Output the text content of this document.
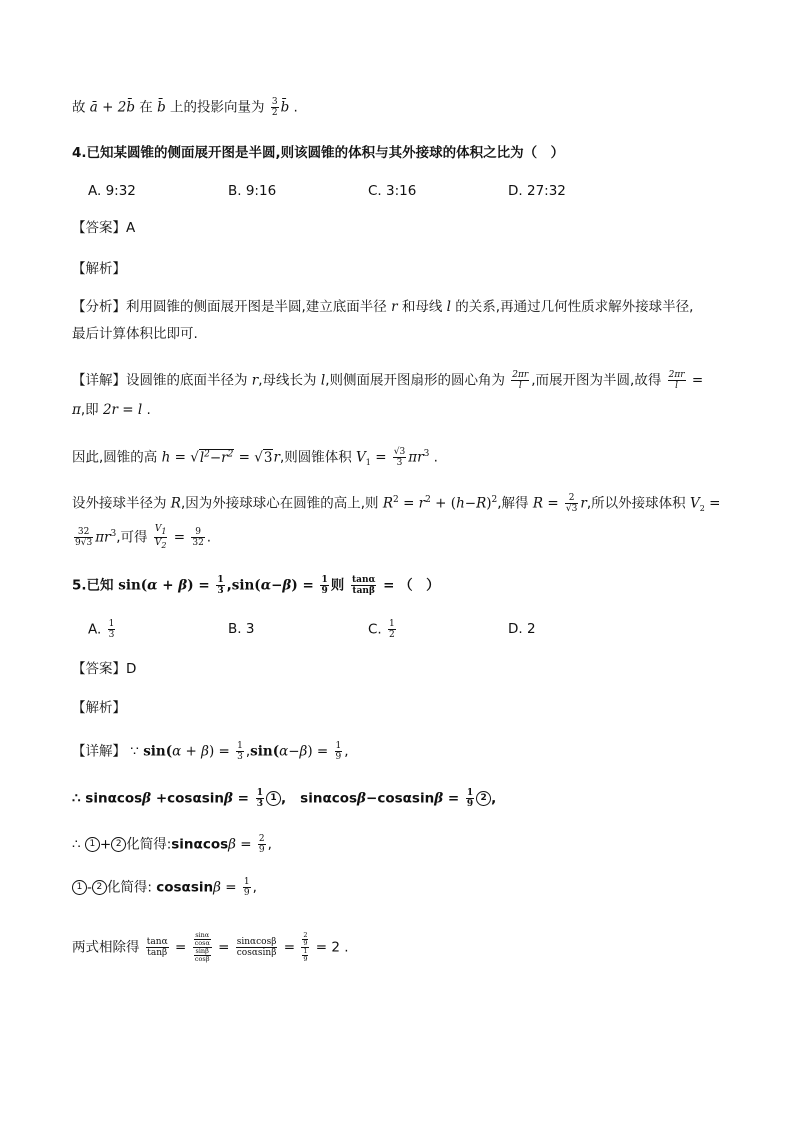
故 ā + 2b̄ 在 b̄ 上的投影向量为 $\frac{3}{2}$ b̄ .
4.已知某圆锥的侧面展开图是半圆,则该圆锥的体积与其外接球的体积之比为（　）
A. 9:32	B. 9:16	C. 3:16	D. 27:32
【答案】A
【解析】
【分析】利用圆锥的侧面展开图是半圆,建立底面半径 r 和母线 l 的关系,再通过几何性质求解外接球半径,
最后计算体积比即可.
【详解】设圆锥的底面半径为 r,母线长为 l,则侧面展开图扇形的圆心角为 $\frac{2\pi r}{l}$ ,而展开图为半圆,故得 $\frac{2\pi r}{l}$ =
π,即 2r = l .
因此,圆锥的高 $h = √l^2-r^2 = √3r$,则圆锥体积 $V_1 = \frac{√3}{3} \pi r^3$ .
设外接球半径为 R,因为外接球球心在圆锥的高上,则 $R^2 = r^2 + (h-R)^2$,解得 $R = \frac{2}{√3} r$,所以外接球体积 $V_2$ =
$\frac{32}{9√3} \pi r^3$,可得 $\frac{V_1}{V_2} = \frac{9}{32}$ .
5.已知 $\sin(\alpha + \beta) = \frac{1}{3} ,\sin(\alpha-\beta) = \frac{1}{9}$ 则 $\frac{\tan\alpha}{\tan\beta}$ = （　）
A. $\frac{1}{3}$	B. 3	C. $\frac{1}{2}$	D. 2
【答案】D
【解析】
【详解】 ∵ $\sin(\alpha + \beta) = \frac{1}{3} ,\sin(\alpha-\beta) = \frac{1}{9}$ ,
∴ $\sin\alpha\cos\beta +\cos\alpha\sin\beta = \frac{1}{3} 1$ ,   $\sin\alpha\cos\beta-\cos\alpha\sin\beta = \frac{1}{9} 2$ ,
∴ 1 + 2 化简得:sinαcosβ = $\frac{2}{9}$ ,
1 - 2 化简得: $\cos\alpha\sin\beta = \frac{1}{9}$ ,
两式相除得 $\frac{\tan\alpha}{\tan\beta} = \frac{\frac{\sin\alpha}{\cos\alpha}}{\frac{\sin\beta}{\cos\beta}} = \frac{\sin\alpha\cos\beta}{\cos\alpha\sin\beta} = \frac{\frac{2}{9}}{\frac{1}{9}} = 2$ .
